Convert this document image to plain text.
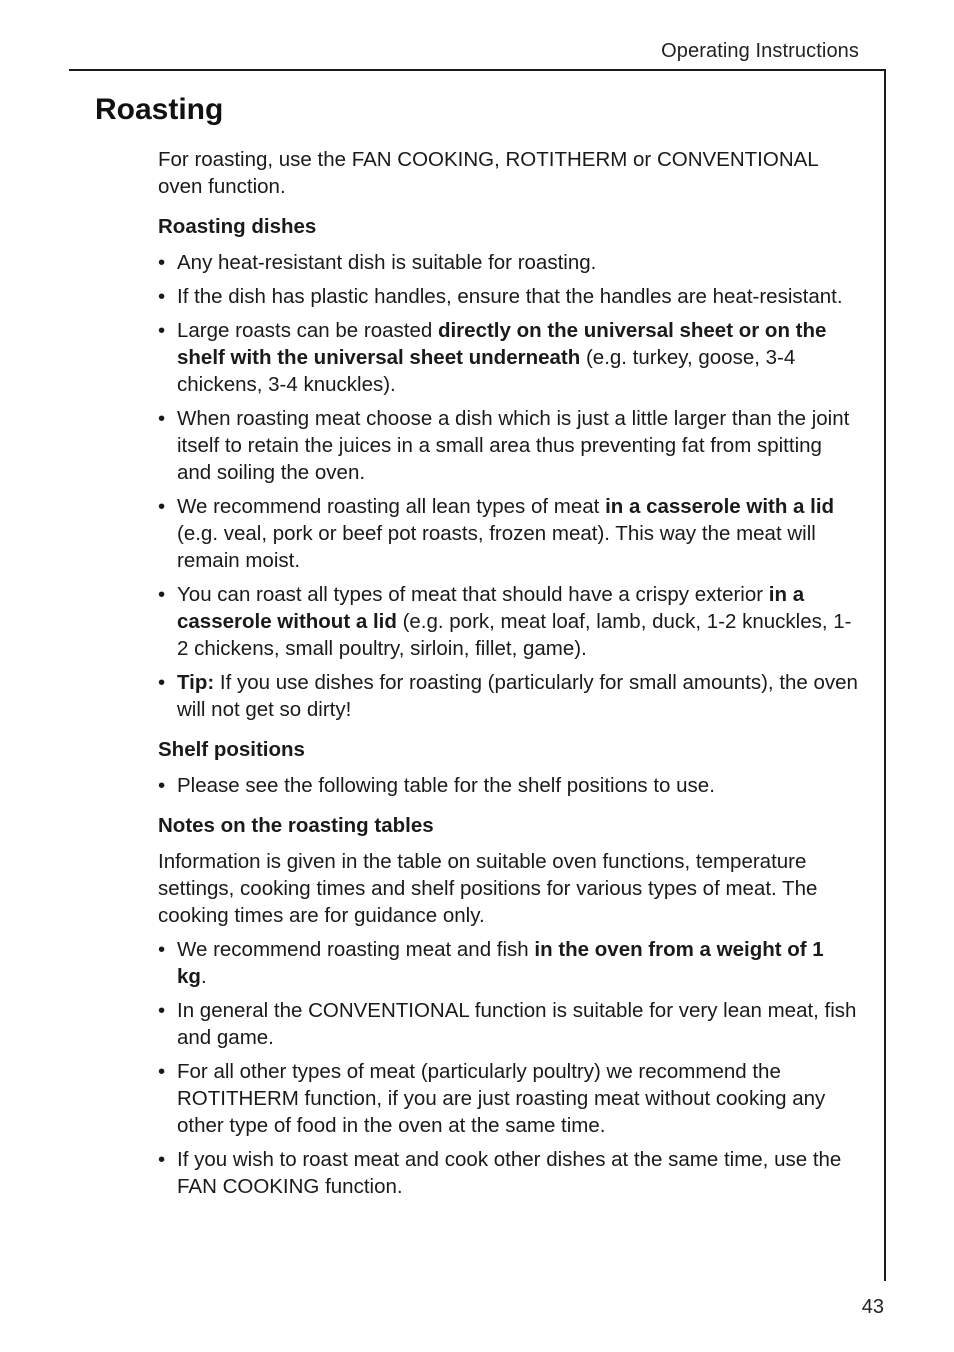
Operating Instructions
Roasting

For roasting, use the FAN COOKING, ROTITHERM or CONVENTIONAL oven function.

Roasting dishes
• Any heat-resistant dish is suitable for roasting.
• If the dish has plastic handles, ensure that the handles are heat-resistant.
• Large roasts can be roasted directly on the universal sheet or on the shelf with the universal sheet underneath (e.g. turkey, goose, 3-4 chickens, 3-4 knuckles).
• When roasting meat choose a dish which is just a little larger than the joint itself to retain the juices in a small area thus preventing fat from spitting and soiling the oven.
• We recommend roasting all lean types of meat in a casserole with a lid (e.g. veal, pork or beef pot roasts, frozen meat). This way the meat will remain moist.
• You can roast all types of meat that should have a crispy exterior in a casserole without a lid (e.g. pork, meat loaf, lamb, duck, 1-2 knuckles, 1-2 chickens, small poultry, sirloin, fillet, game).
• Tip: If you use dishes for roasting (particularly for small amounts), the oven will not get so dirty!
Shelf positions
• Please see the following table for the shelf positions to use.
Notes on the roasting tables

Information is given in the table on suitable oven functions, temperature settings, cooking times and shelf positions for various types of meat. The cooking times are for guidance only.

• We recommend roasting meat and fish in the oven from a weight of 1 kg.
• In general the CONVENTIONAL function is suitable for very lean meat, fish and game.
• For all other types of meat (particularly poultry) we recommend the ROTITHERM function, if you are just roasting meat without cooking any other type of food in the oven at the same time.
• If you wish to roast meat and cook other dishes at the same time, use the FAN COOKING function.
43
